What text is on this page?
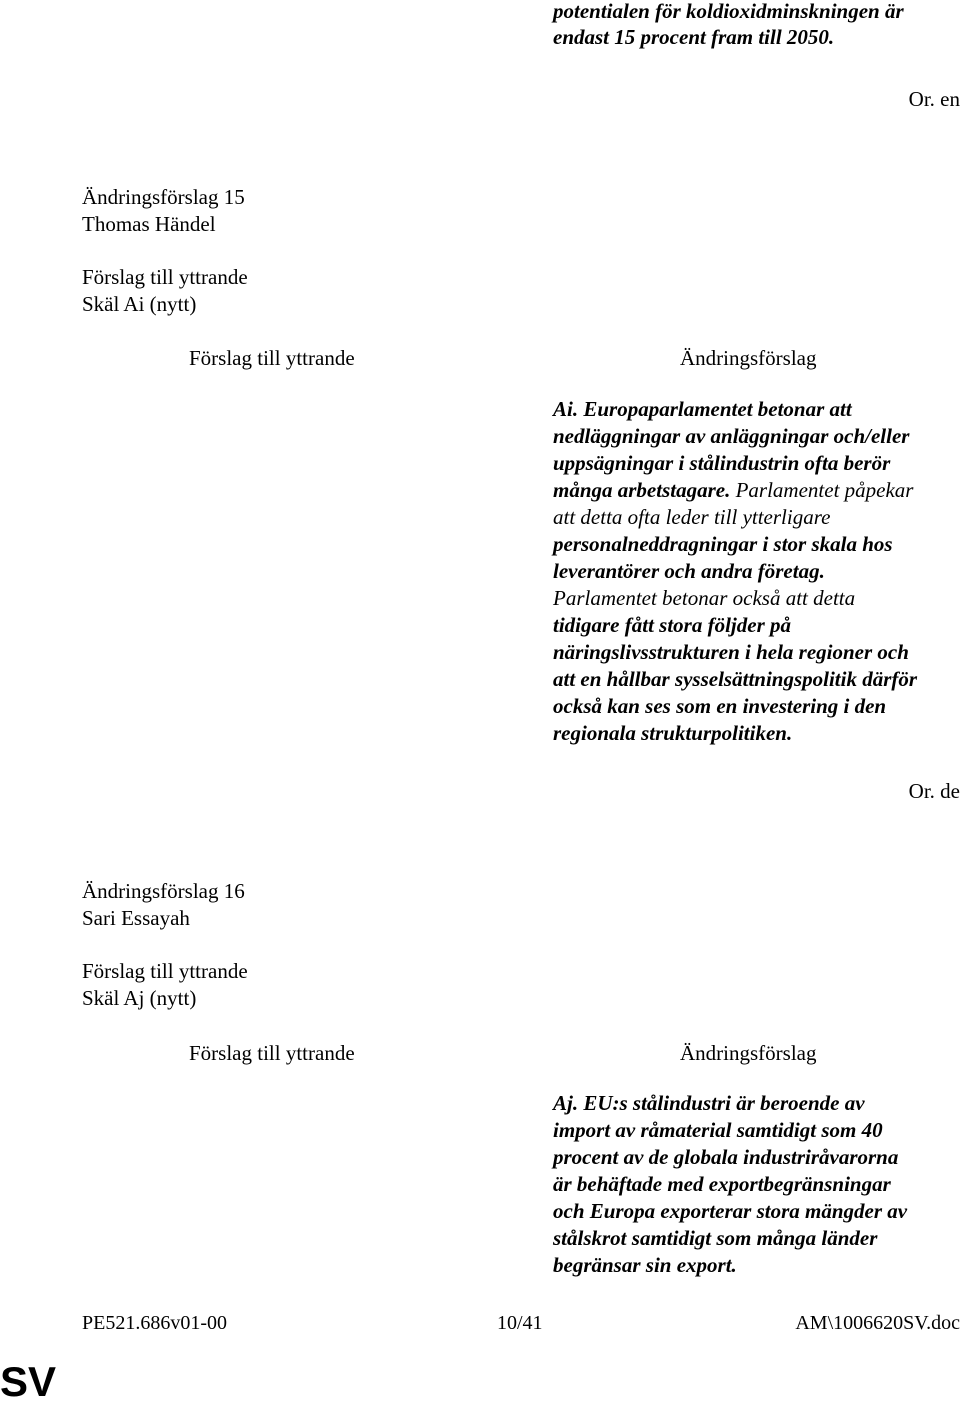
potentialen för koldioxidminskningen är
endast 15 procent fram till 2050.
Or. en
Ändringsförslag 15
Thomas Händel
Förslag till yttrande
Skäl Ai (nytt)
Förslag till yttrande	Ändringsförslag
Ai. Europaparlamentet betonar att
nedläggningar av anläggningar och/eller
uppsägningar i stålindustrin ofta berör
många arbetstagare. Parlamentet påpekar
att detta ofta leder till ytterligare
personalneddragningar i stor skala hos
leverantörer och andra företag.
Parlamentet betonar också att detta
tidigare fått stora följder på
näringslivsstrukturen i hela regioner och
att en hållbar sysselsättningspolitik därför
också kan ses som en investering i den
regionala strukturpolitiken.
Or. de
Ändringsförslag 16
Sari Essayah
Förslag till yttrande
Skäl Aj (nytt)
Förslag till yttrande	Ändringsförslag
Aj. EU:s stålindustri är beroende av
import av råmaterial samtidigt som 40
procent av de globala industriråvarorna
är behäftade med exportbegränsningar
och Europa exporterar stora mängder av
stålskrot samtidigt som många länder
begränsar sin export.
PE521.686v01-00	10/41	AM\1006620SV.doc
SV
